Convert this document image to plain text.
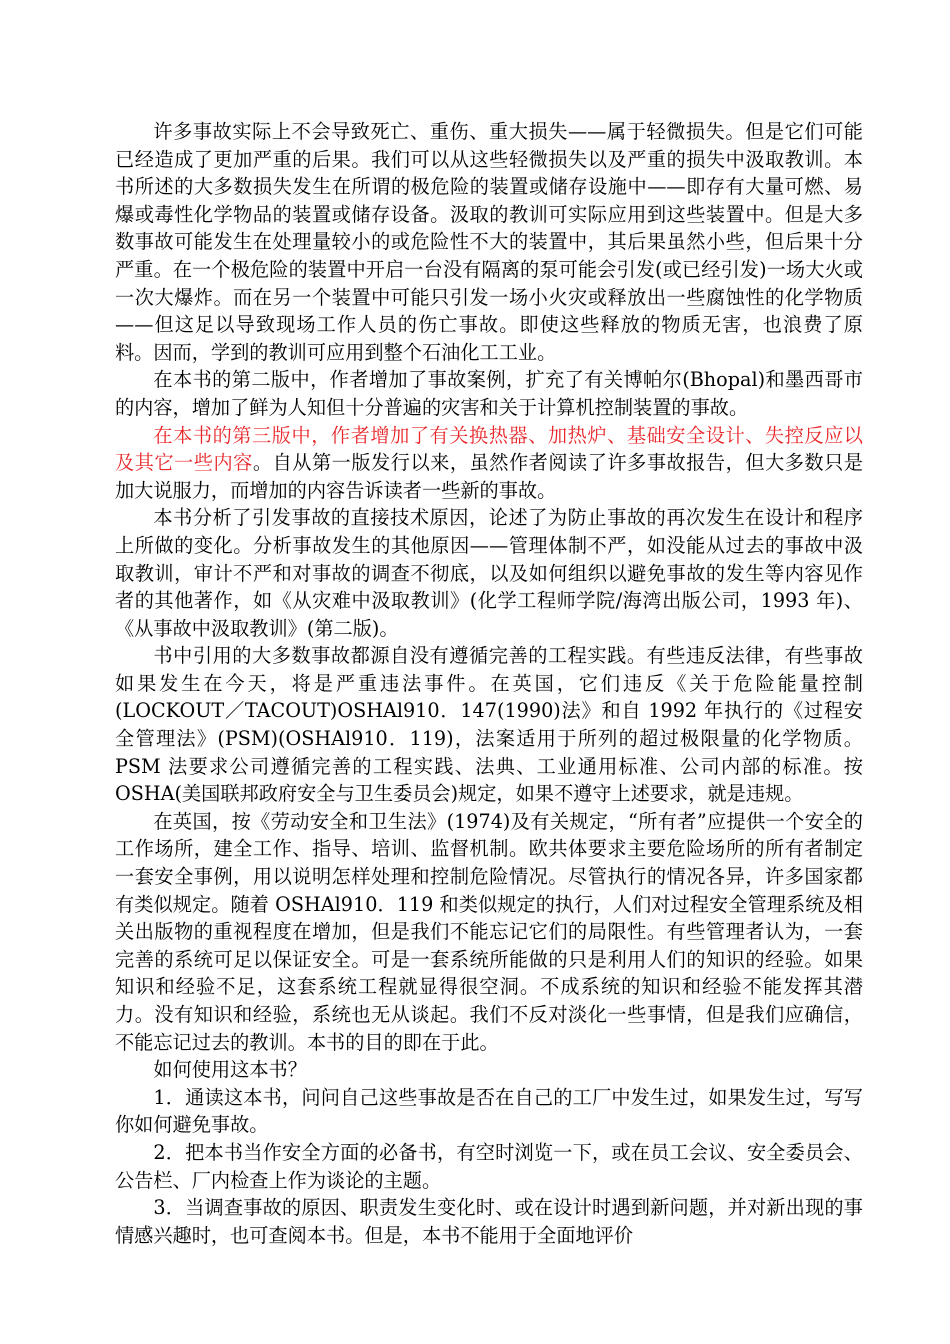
许多事故实际上不会导致死亡、重伤、重大损失——属于轻微损失。但是它们可能已经造成了更加严重的后果。我们可以从这些轻微损失以及严重的损失中汲取教训。本书所述的大多数损失发生在所谓的极危险的装置或储存设施中——即存有大量可燃、易爆或毒性化学物品的装置或储存设备。汲取的教训可实际应用到这些装置中。但是大多数事故可能发生在处理量较小的或危险性不大的装置中，其后果虽然小些，但后果十分严重。在一个极危险的装置中开启一台没有隔离的泵可能会引发(或已经引发)一场大火或一次大爆炸。而在另一个装置中可能只引发一场小火灾或释放出一些腐蚀性的化学物质——但这足以导致现场工作人员的伤亡事故。即使这些释放的物质无害，也浪费了原料。因而，学到的教训可应用到整个石油化工工业。

在本书的第二版中，作者增加了事故案例，扩充了有关博帕尔(Bhopal)和墨西哥市的内容，增加了鲜为人知但十分普遍的灾害和关于计算机控制装置的事故。

在本书的第三版中，作者增加了有关换热器、加热炉、基础安全设计、失控反应以及其它一些内容。自从第一版发行以来，虽然作者阅读了许多事故报告，但大多数只是加大说服力，而增加的内容告诉读者一些新的事故。

本书分析了引发事故的直接技术原因，论述了为防止事故的再次发生在设计和程序上所做的变化。分析事故发生的其他原因——管理体制不严，如没能从过去的事故中汲取教训，审计不严和对事故的调查不彻底，以及如何组织以避免事故的发生等内容见作者的其他著作，如《从灾难中汲取教训》(化学工程师学院/海湾出版公司，1993 年)、《从事故中汲取教训》(第二版)。

书中引用的大多数事故都源自没有遵循完善的工程实践。有些违反法律，有些事故如果发生在今天，将是严重违法事件。在英国，它们违反《关于危险能量控制(LOCKOUT／TACOUT)OSHAl910．147(1990)法》和自 1992 年执行的《过程安全管理法》(PSM)(OSHAl910．119)，法案适用于所列的超过极限量的化学物质。PSM 法要求公司遵循完善的工程实践、法典、工业通用标准、公司内部的标准。按 OSHA(美国联邦政府安全与卫生委员会)规定，如果不遵守上述要求，就是违规。

在英国，按《劳动安全和卫生法》(1974)及有关规定，“所有者”应提供一个安全的工作场所，建全工作、指导、培训、监督机制。欧共体要求主要危险场所的所有者制定一套安全事例，用以说明怎样处理和控制危险情况。尽管执行的情况各异，许多国家都有类似规定。随着 OSHAl910．119 和类似规定的执行，人们对过程安全管理系统及相关出版物的重视程度在增加，但是我们不能忘记它们的局限性。有些管理者认为，一套完善的系统可足以保证安全。可是一套系统所能做的只是利用人们的知识的经验。如果知识和经验不足，这套系统工程就显得很空洞。不成系统的知识和经验不能发挥其潜力。没有知识和经验，系统也无从谈起。我们不反对淡化一些事情，但是我们应确信，不能忘记过去的教训。本书的目的即在于此。

如何使用这本书？

1．通读这本书，问问自己这些事故是否在自己的工厂中发生过，如果发生过，写写你如何避免事故。

2．把本书当作安全方面的必备书，有空时浏览一下，或在员工会议、安全委员会、公告栏、厂内检查上作为谈论的主题。

3．当调查事故的原因、职责发生变化时、或在设计时遇到新问题，并对新出现的事情感兴趣时，也可查阅本书。但是，本书不能用于全面地评价
